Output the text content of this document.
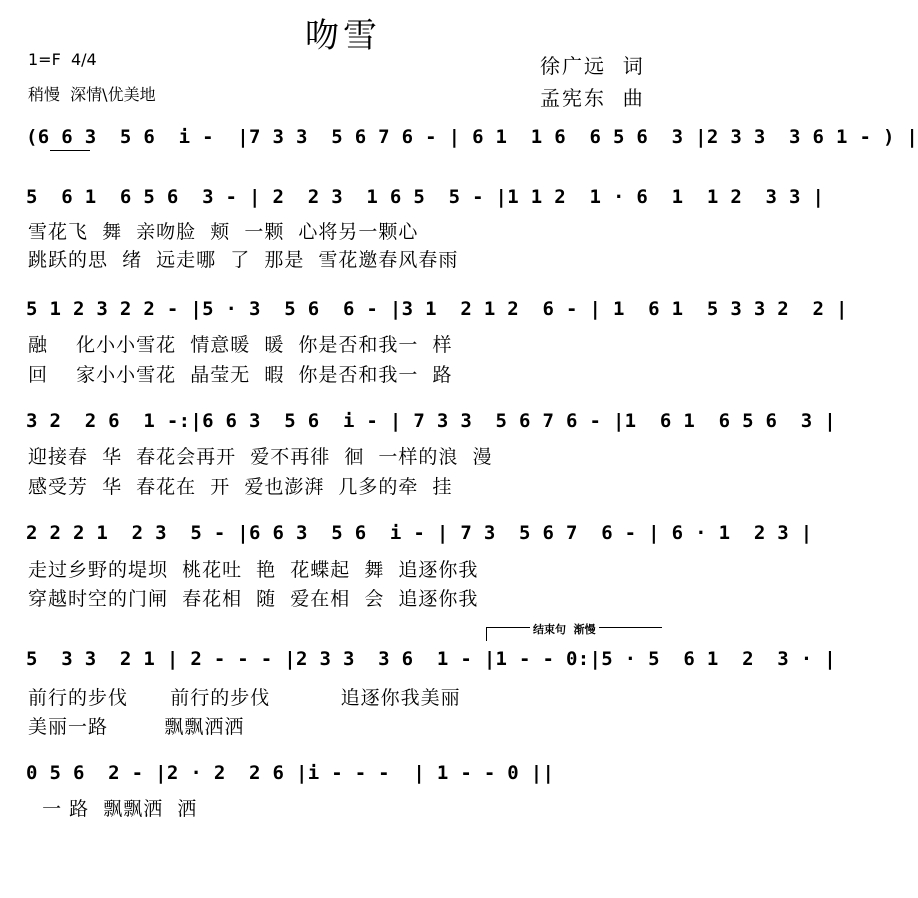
吻雪
1=F  4/4
稍慢  深情\优美地
徐广远  词
孟宪东  曲
(6 6 3  5 6  i -  |7 3 3  5 6 7 6 - | 6 1  1 6  6 5 6  3 |2 3 3  3 6 1 - ) |
5  6 1  6 5 6  3 - | 2  2 3  1 6 5  5 - |1 1 2  1 · 6  1  1 2  3 3 |
雪花飞  舞  亲吻脸  颊  一颗  心将另一颗心
跳跃的思  绪  远走哪  了  那是  雪花邀春风春雨
5 1 2 3 2 2 - |5 · 3  5 6  6 - |3 1  2 1 2  6 - | 1  6 1  5 3 3 2  2 |
融    化小小雪花  情意暖  暖  你是否和我一  样
回    家小小雪花  晶莹无  暇  你是否和我一  路
3 2  2 6  1 -:|6 6 3  5 6  i - | 7 3 3  5 6 7 6 - |1  6 1  6 5 6  3 |
迎接春  华  春花会再开  爱不再徘  徊  一样的浪  漫
感受芳  华  春花在  开  爱也澎湃  几多的牵  挂
2 2 2 1  2 3  5 - |6 6 3  5 6  i - | 7 3  5 6 7  6 - | 6 · 1  2 3 |
走过乡野的堤坝  桃花吐  艳  花蝶起  舞  追逐你我
穿越时空的门闸  春花相  随  爱在相  会  追逐你我
结束句  渐慢
5  3 3  2 1 | 2 - - - |2 3 3  3 6  1 - |1 - - 0:|5 · 5  6 1  2  3 · |
前行的步伐      前行的步伐          追逐你我美丽
美丽一路        飘飘洒洒
0 5 6  2 - |2 · 2  2 6 |i - - -  | 1 - - 0 ||
一 路  飘飘洒  洒
